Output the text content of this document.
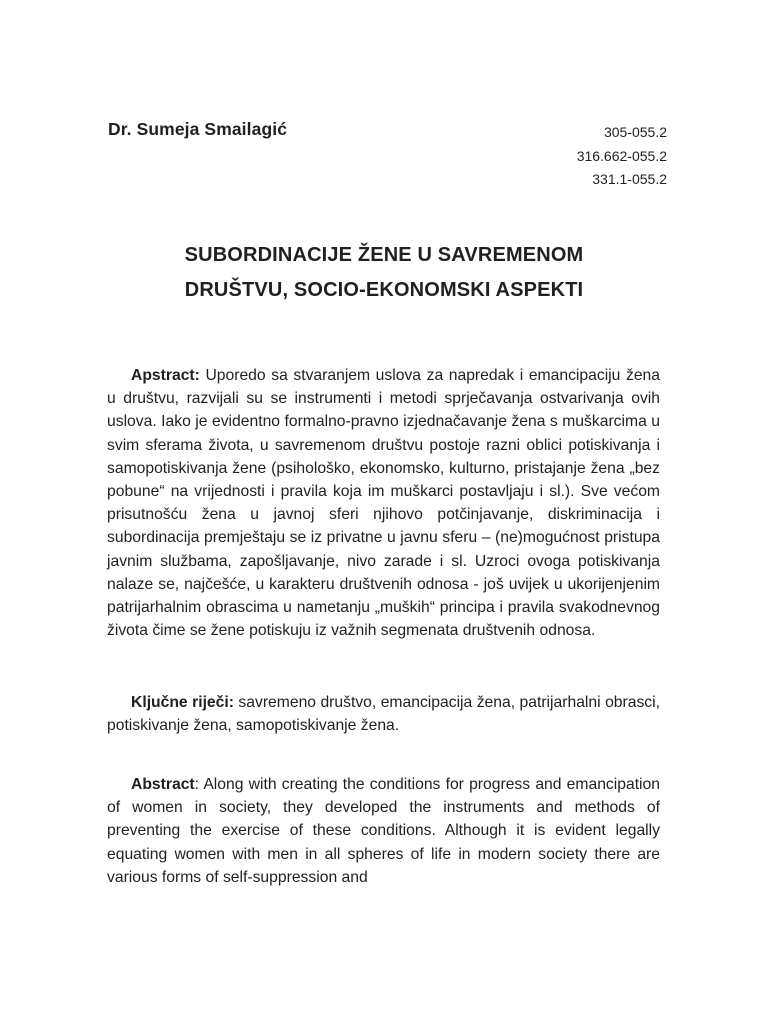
Dr. Sumeja Smailagić	305-055.2
316.662-055.2
331.1-055.2
SUBORDINACIJE ŽENE U SAVREMENOM
DRUŠTVU, SOCIO-EKONOMSKI ASPEKTI

Apstract: Uporedo sa stvaranjem uslova za napredak i emancipaciju žena u društvu, razvijali su se instrumenti i metodi sprječavanja ostvarivanja ovih uslova. Iako je evidentno formalno-pravno izjednačavanje žena s muškarcima u svim sferama života, u savremenom društvu postoje razni oblici potiskivanja i samopotiskivanja žene (psihološko, ekonomsko, kulturno, pristajanje žena „bez pobune“ na vrijednosti i pravila koja im muškarci postavljaju i sl.). Sve većom prisutnošću žena u javnoj sferi njihovo potčinjavanje, diskriminacija i subordinacija premještaju se iz privatne u javnu sferu – (ne)mogućnost pristupa javnim službama, zapošljavanje, nivo zarade i sl. Uzroci ovoga potiskivanja nalaze se, najčešće, u karakteru društvenih odnosa - još uvijek u ukorijenjenim patrijarhalnim obrascima u nametanju „muških“ principa i pravila svakodnevnog života čime se žene potiskuju iz važnih segmenata društvenih odnosa.

Ključne riječi: savremeno društvo, emancipacija žena, patrijarhalni obrasci, potiskivanje žena, samopotiskivanje žena.

Abstract: Along with creating the conditions for progress and emancipation of women in society, they developed the instruments and methods of preventing the exercise of these conditions. Although it is evident legally equating women with men in all spheres of life in modern society there are various forms of self-suppression and
